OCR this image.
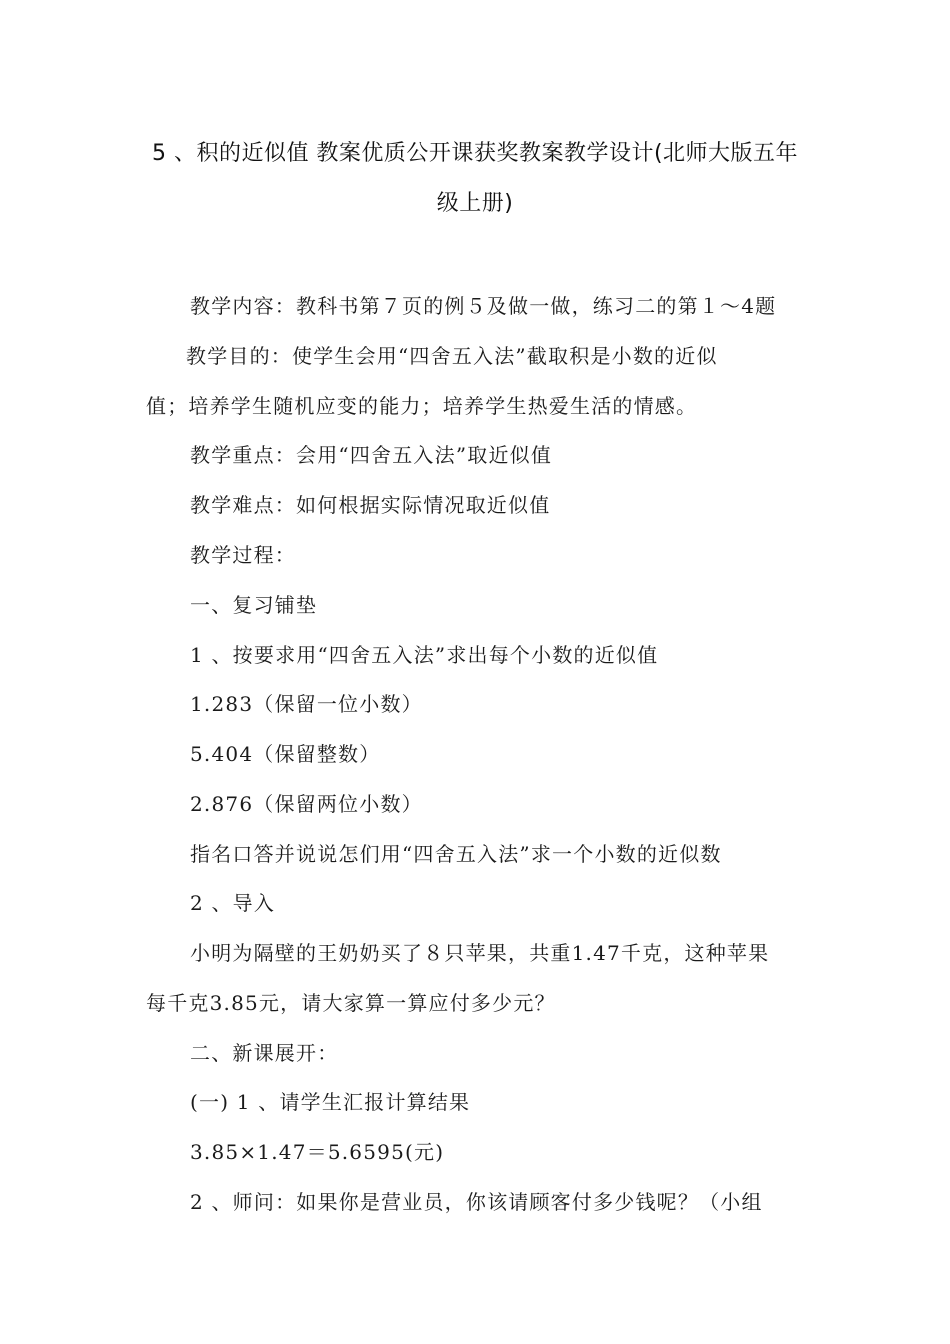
5 、积的近似值 教案优质公开课获奖教案教学设计(北师大版五年
级上册)
教学内容：教科书第７页的例５及做一做，练习二的第１～4题
教学目的：使学生会用“四舍五入法”截取积是小数的近似
值；培养学生随机应变的能力；培养学生热爱生活的情感。
教学重点：会用“四舍五入法”取近似值
教学难点：如何根据实际情况取近似值
教学过程：
一、复习铺垫
1 、按要求用“四舍五入法”求出每个小数的近似值
1.283（保留一位小数）
5.404（保留整数）
2.876（保留两位小数）
指名口答并说说怎们用“四舍五入法”求一个小数的近似数
2 、导入
小明为隔壁的王奶奶买了８只苹果，共重1.47千克，这种苹果
每千克3.85元，请大家算一算应付多少元？
二、新课展开：
(一) 1 、请学生汇报计算结果
3.85×1.47＝5.6595(元)
2 、师问：如果你是营业员，你该请顾客付多少钱呢？（小组
